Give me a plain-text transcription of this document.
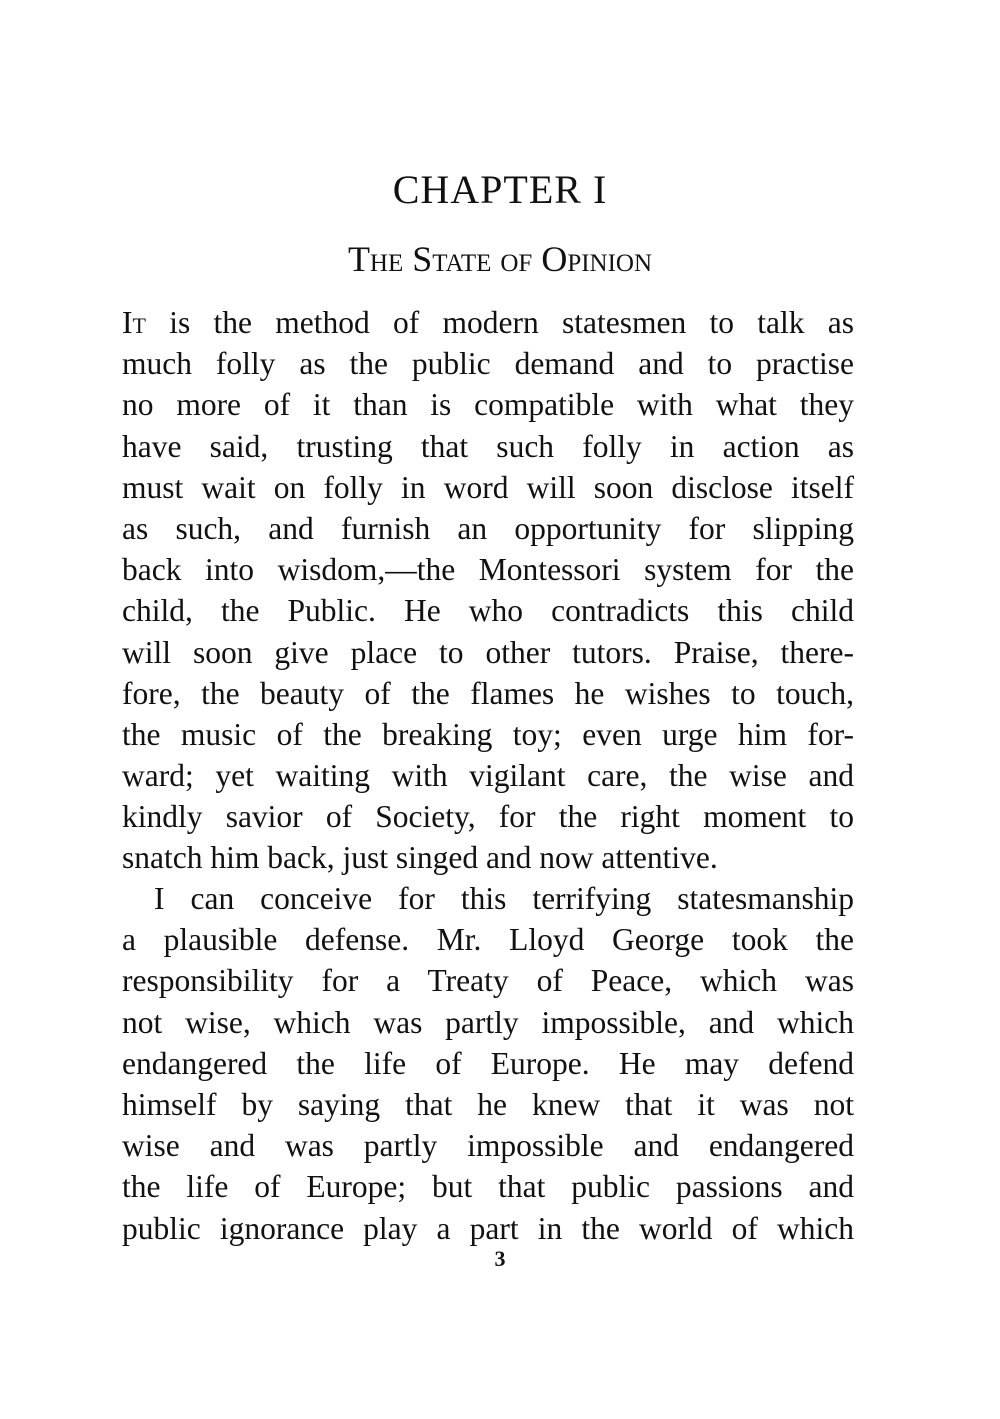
CHAPTER I
The State of Opinion
It is the method of modern statesmen to talk as
much folly as the public demand and to practise
no more of it than is compatible with what they
have said, trusting that such folly in action as
must wait on folly in word will soon disclose itself
as such, and furnish an opportunity for slipping
back into wisdom,—the Montessori system for the
child, the Public. He who contradicts this child
will soon give place to other tutors. Praise, there-
fore, the beauty of the flames he wishes to touch,
the music of the breaking toy; even urge him for-
ward; yet waiting with vigilant care, the wise and
kindly savior of Society, for the right moment to
snatch him back, just singed and now attentive.
I can conceive for this terrifying statesmanship
a plausible defense. Mr. Lloyd George took the
responsibility for a Treaty of Peace, which was
not wise, which was partly impossible, and which
endangered the life of Europe. He may defend
himself by saying that he knew that it was not
wise and was partly impossible and endangered
the life of Europe; but that public passions and
public ignorance play a part in the world of which
3
